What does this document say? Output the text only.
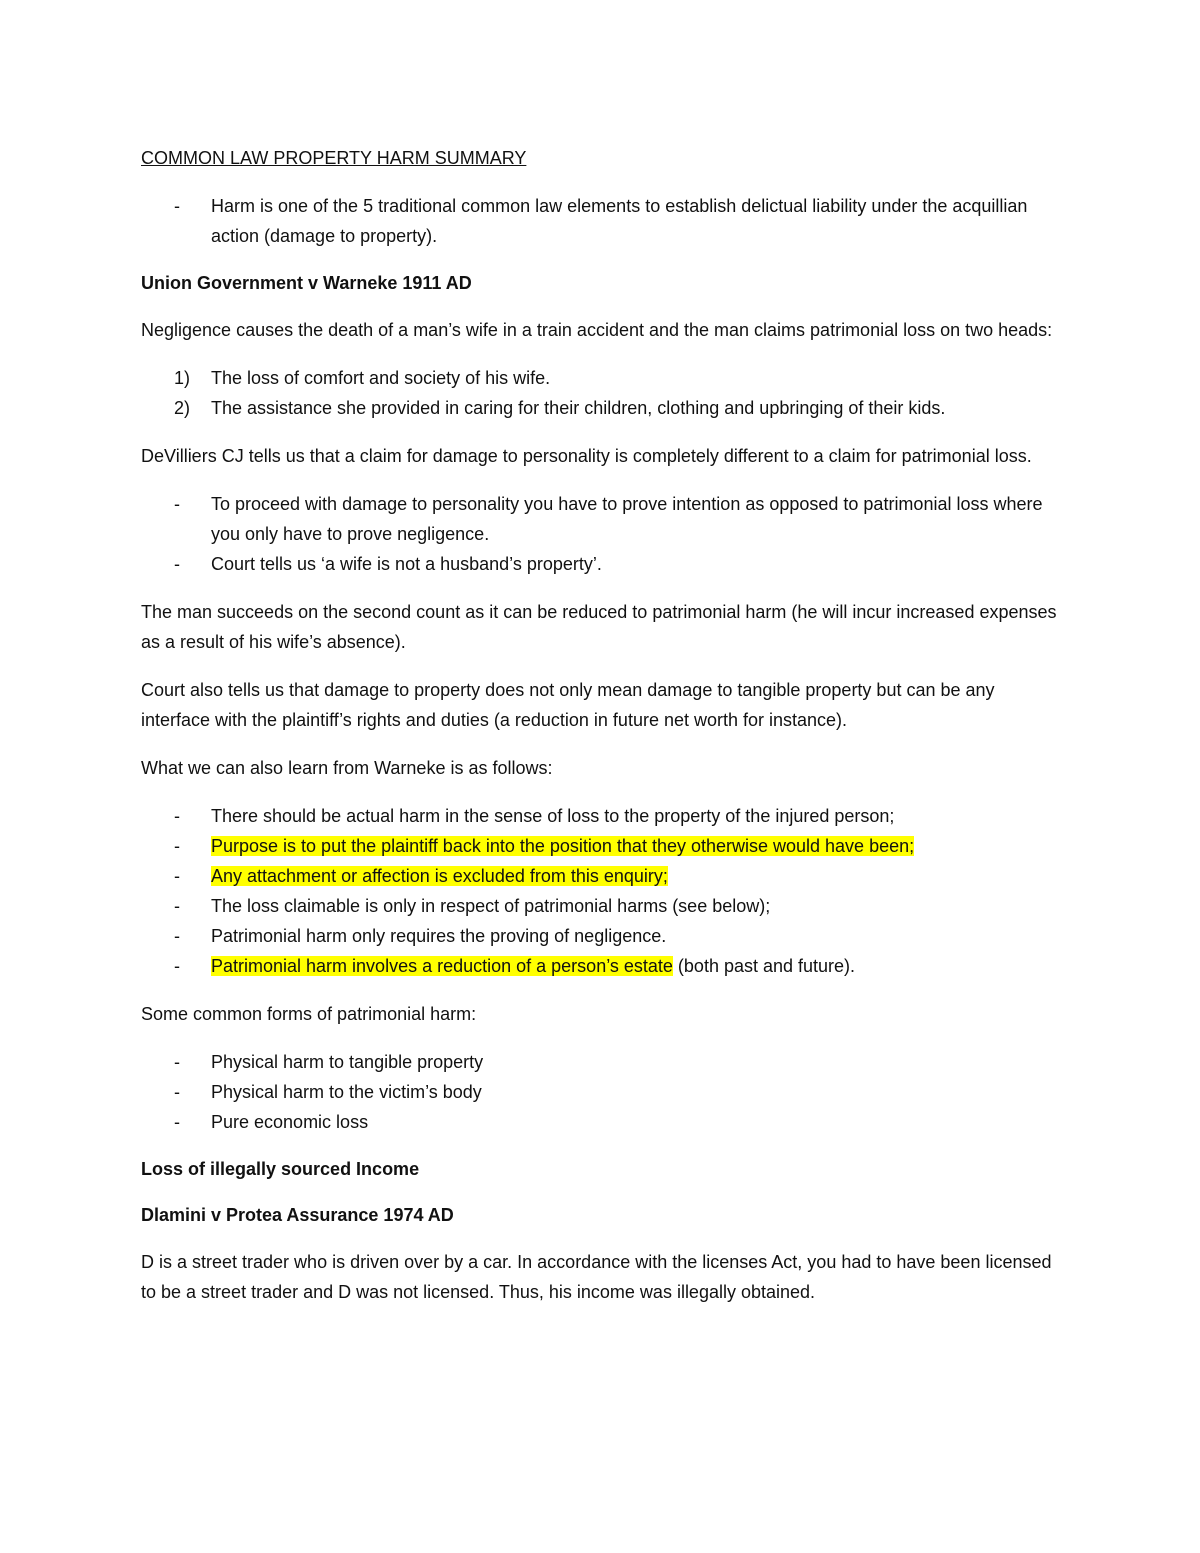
COMMON LAW PROPERTY HARM SUMMARY

- Harm is one of the 5 traditional common law elements to establish delictual liability under the acquillian action (damage to property).

Union Government v Warneke 1911 AD

Negligence causes the death of a man’s wife in a train accident and the man claims patrimonial loss on two heads:

1) The loss of comfort and society of his wife.
2) The assistance she provided in caring for their children, clothing and upbringing of their kids.

DeVilliers CJ tells us that a claim for damage to personality is completely different to a claim for patrimonial loss.

- To proceed with damage to personality you have to prove intention as opposed to patrimonial loss where you only have to prove negligence.
- Court tells us ‘a wife is not a husband’s property’.

The man succeeds on the second count as it can be reduced to patrimonial harm (he will incur increased expenses as a result of his wife’s absence).

Court also tells us that damage to property does not only mean damage to tangible property but can be any interface with the plaintiff’s rights and duties (a reduction in future net worth for instance).

What we can also learn from Warneke is as follows:

- There should be actual harm in the sense of loss to the property of the injured person;
- Purpose is to put the plaintiff back into the position that they otherwise would have been;
- Any attachment or affection is excluded from this enquiry;
- The loss claimable is only in respect of patrimonial harms (see below);
- Patrimonial harm only requires the proving of negligence.
- Patrimonial harm involves a reduction of a person’s estate (both past and future).

Some common forms of patrimonial harm:

- Physical harm to tangible property
- Physical harm to the victim’s body
- Pure economic loss

Loss of illegally sourced Income

Dlamini v Protea Assurance 1974 AD

D is a street trader who is driven over by a car. In accordance with the licenses Act, you had to have been licensed to be a street trader and D was not licensed. Thus, his income was illegally obtained.
